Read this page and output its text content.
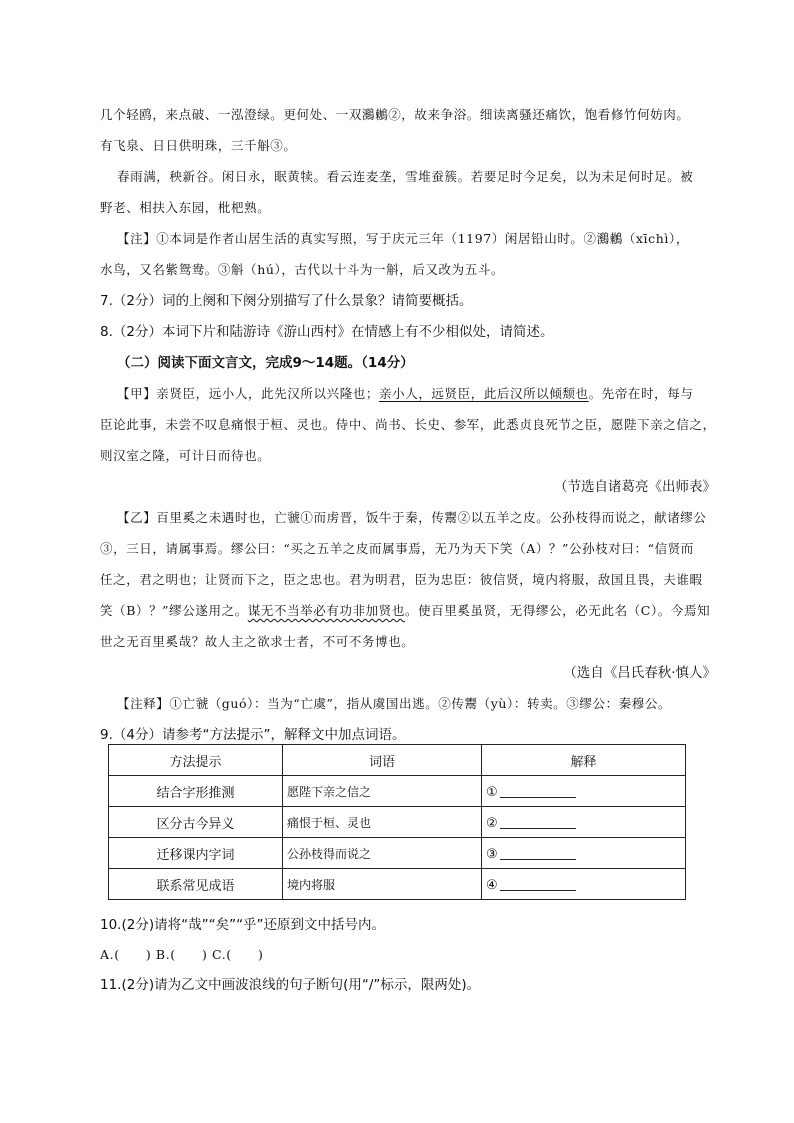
几个轻鸥，来点破、一泓澄绿。更何处、一双鸂鶒②，故来争浴。细读离骚还痛饮，饱看修竹何妨肉。
有飞泉、日日供明珠，三千斛③。
春雨满，秧新谷。闲日永，眠黄犊。看云连麦垄，雪堆蚕簇。若要足时今足矣，以为未足何时足。被
野老、相扶入东园，枇杷熟。
【注】①本词是作者山居生活的真实写照，写于庆元三年（1197）闲居铅山时。②鸂鶒（xīchì），
水鸟，又名紫鸳鸯。③斛（hú），古代以十斗为一斛，后又改为五斗。
7.（2分）词的上阕和下阕分别描写了什么景象？请简要概括。
8.（2分）本词下片和陆游诗《游山西村》在情感上有不少相似处，请简述。
（二）阅读下面文言文，完成9～14题。（14分）
【甲】亲贤臣，远小人，此先汉所以兴隆也；亲小人，远贤臣，此后汉所以倾颓也。先帝在时，每与
臣论此事，未尝不叹息痛恨于桓、灵也。侍中、尚书、长史、参军，此悉贞良死节之臣，愿陛下亲之信之，
则汉室之隆，可计日而待也。
（节选自诸葛亮《出师表》
【乙】百里奚之未遇时也，亡虢①而虏晋，饭牛于秦，传鬻②以五羊之皮。公孙枝得而说之，献诸缪公
③，三日，请属事焉。缪公曰：“买之五羊之皮而属事焉，无乃为天下笑（A）？”公孙枝对曰：“信贤而
任之，君之明也；让贤而下之，臣之忠也。君为明君，臣为忠臣：彼信贤，境内将服，敌国且畏，夫谁暇
笑（B）？”缪公遂用之。谋无不当举必有功非加贤也。使百里奚虽贤，无得缪公，必无此名（C）。今焉知
世之无百里奚哉？故人主之欲求士者，不可不务博也。
（选自《吕氏春秋·慎人》
【注释】①亡虢（guó）：当为“亡虞”，指从虞国出逃。②传鬻（yù）：转卖。③缪公：秦穆公。
9.（4分）请参考“方法提示”，解释文中加点词语。
方法提示	词语	解释
结合字形推测	愿陛下亲之信之	①
区分古今异义	痛恨于桓、灵也	②
迁移课内字词	公孙枝得而说之	③
联系常见成语	境内将服	④
10.(2分)请将“哉”“矣”“乎”还原到文中括号内。
A.(　　) B.(　　) C.(　　)
11.(2分)请为乙文中画波浪线的句子断句(用“/”标示，限两处)。
